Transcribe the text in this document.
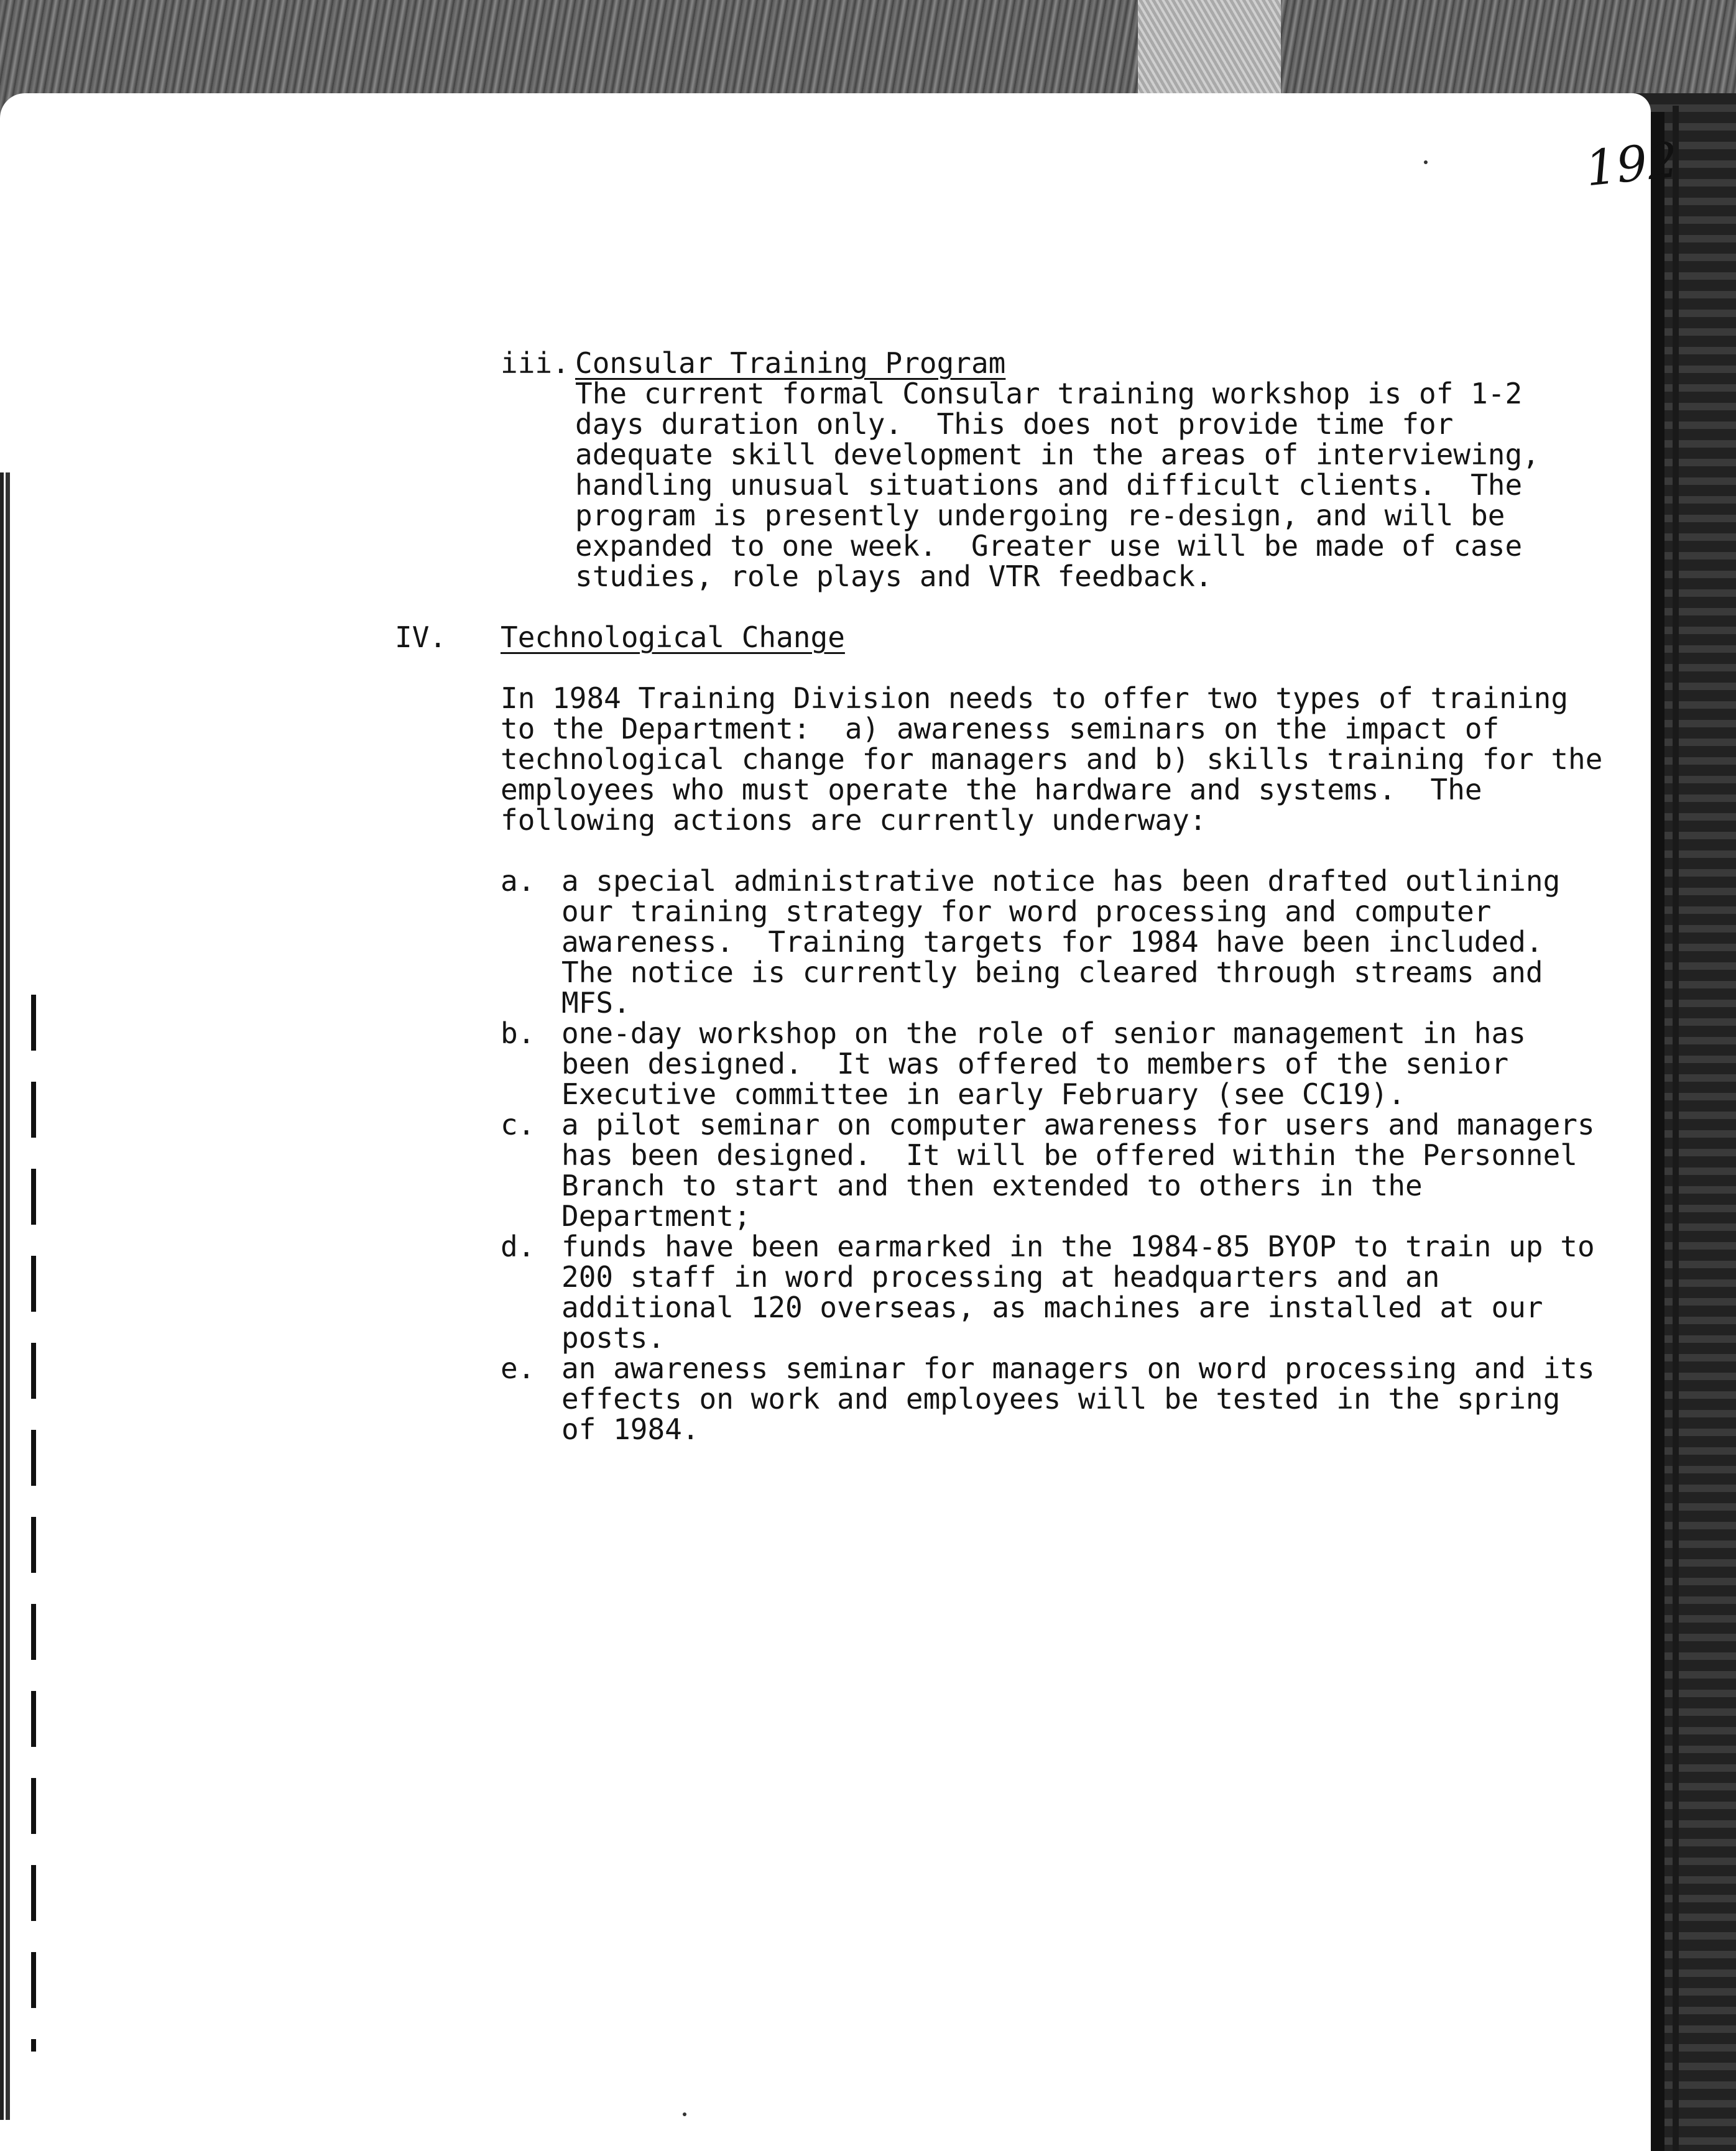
192

iii. Consular Training Program

The current formal Consular training workshop is of 1-2

days duration only.  This does not provide time for

adequate skill development in the areas of interviewing,

handling unusual situations and difficult clients.  The

program is presently undergoing re-design, and will be

expanded to one week.  Greater use will be made of case

studies, role plays and VTR feedback.

IV. Technological Change

In 1984 Training Division needs to offer two types of training

to the Department:  a) awareness seminars on the impact of

technological change for managers and b) skills training for the

employees who must operate the hardware and systems.  The

following actions are currently underway:

a. a special administrative notice has been drafted outlining

our training strategy for word processing and computer

awareness.  Training targets for 1984 have been included.

The notice is currently being cleared through streams and

MFS.

b. one-day workshop on the role of senior management in has

been designed.  It was offered to members of the senior

Executive committee in early February (see CC19).

c. a pilot seminar on computer awareness for users and managers

has been designed.  It will be offered within the Personnel

Branch to start and then extended to others in the

Department;

d. funds have been earmarked in the 1984-85 BYOP to train up to

200 staff in word processing at headquarters and an

additional 120 overseas, as machines are installed at our

posts.

e. an awareness seminar for managers on word processing and its

effects on work and employees will be tested in the spring

of 1984.
